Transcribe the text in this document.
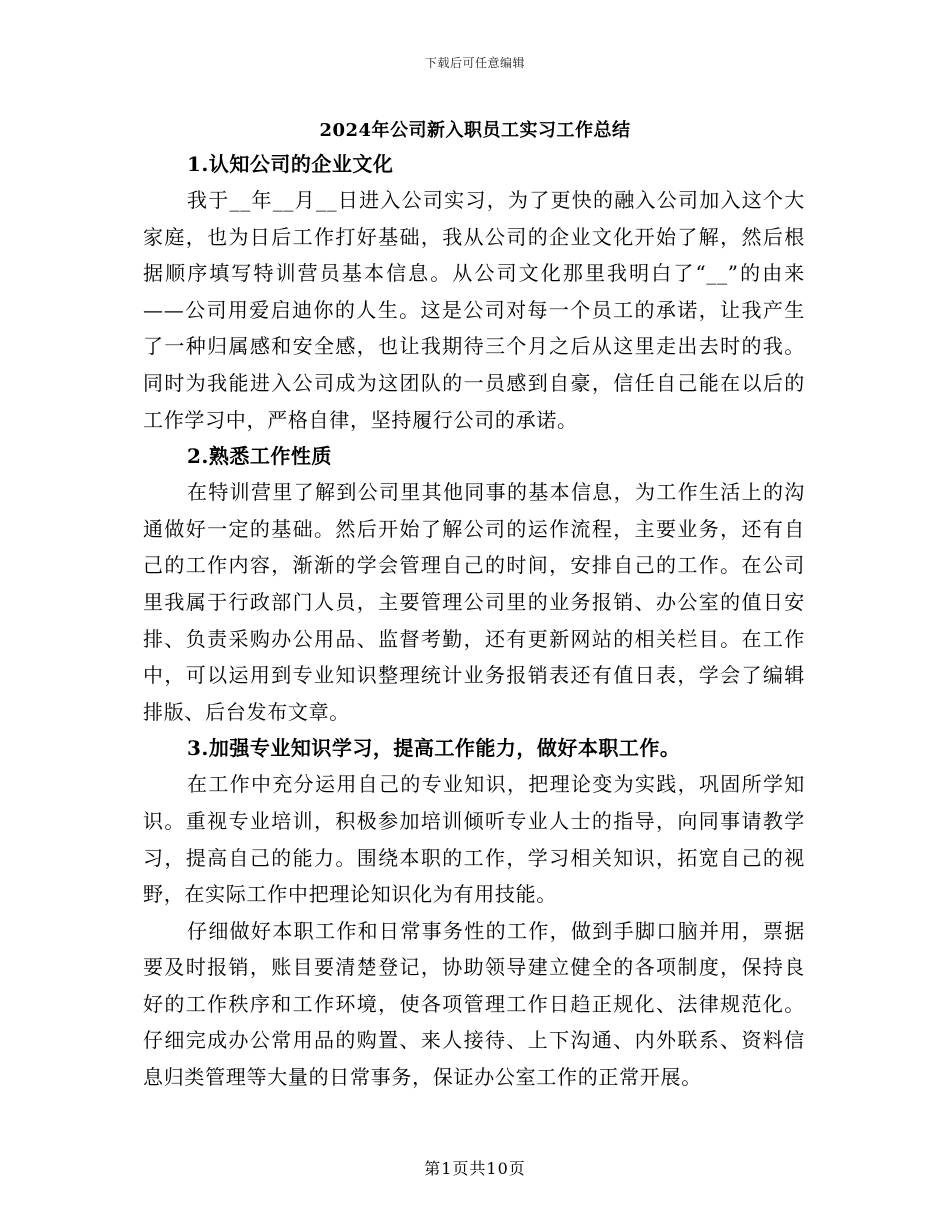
下载后可任意编辑
2024年公司新入职员工实习工作总结

1.认知公司的企业文化

我于__年__月__日进入公司实习，为了更快的融入公司加入这个大家庭，也为日后工作打好基础，我从公司的企业文化开始了解，然后根据顺序填写特训营员基本信息。从公司文化那里我明白了“__”的由来——公司用爱启迪你的人生。这是公司对每一个员工的承诺，让我产生了一种归属感和安全感，也让我期待三个月之后从这里走出去时的我。同时为我能进入公司成为这团队的一员感到自豪，信任自己能在以后的工作学习中，严格自律，坚持履行公司的承诺。

2.熟悉工作性质

在特训营里了解到公司里其他同事的基本信息，为工作生活上的沟通做好一定的基础。然后开始了解公司的运作流程，主要业务，还有自己的工作内容，渐渐的学会管理自己的时间，安排自己的工作。在公司里我属于行政部门人员，主要管理公司里的业务报销、办公室的值日安排、负责采购办公用品、监督考勤，还有更新网站的相关栏目。在工作中，可以运用到专业知识整理统计业务报销表还有值日表，学会了编辑排版、后台发布文章。

3.加强专业知识学习，提高工作能力，做好本职工作。

在工作中充分运用自己的专业知识，把理论变为实践，巩固所学知识。重视专业培训，积极参加培训倾听专业人士的指导，向同事请教学习，提高自己的能力。围绕本职的工作，学习相关知识，拓宽自己的视野，在实际工作中把理论知识化为有用技能。

仔细做好本职工作和日常事务性的工作，做到手脚口脑并用，票据要及时报销，账目要清楚登记，协助领导建立健全的各项制度，保持良好的工作秩序和工作环境，使各项管理工作日趋正规化、法律规范化。仔细完成办公常用品的购置、来人接待、上下沟通、内外联系、资料信息归类管理等大量的日常事务，保证办公室工作的正常开展。

第1页共10页
